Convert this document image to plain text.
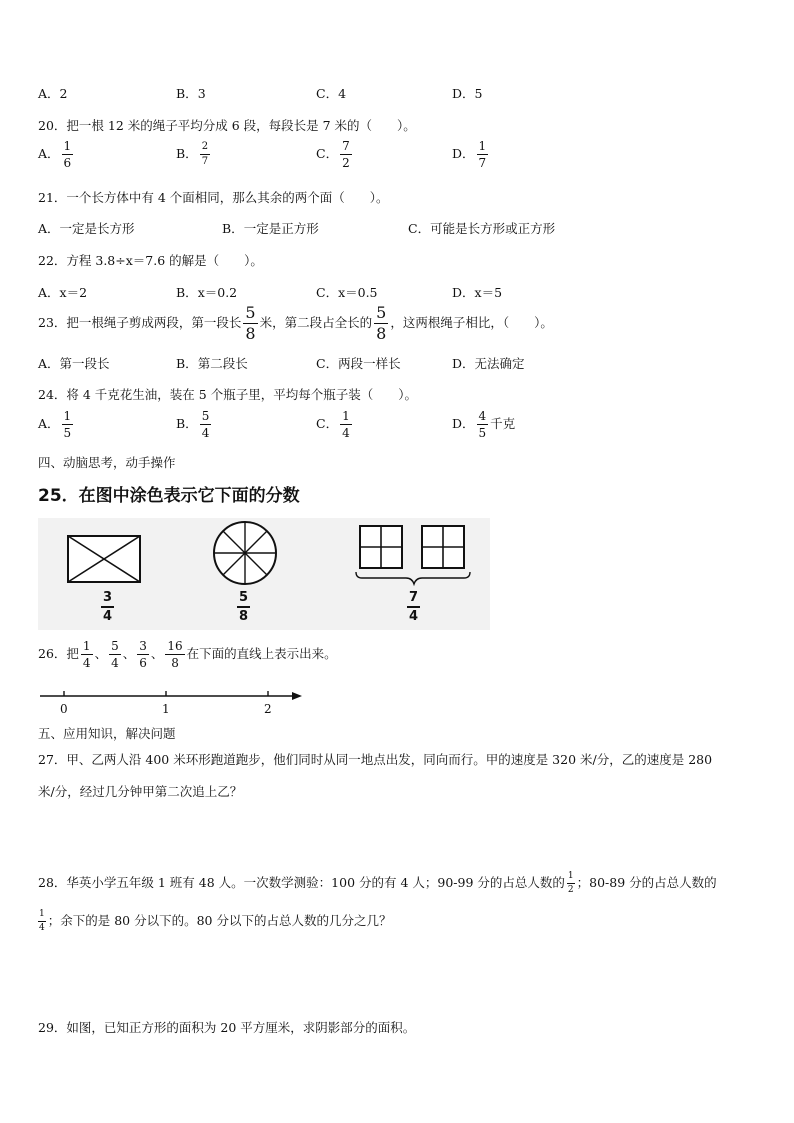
A．2	B．3	C．4	D．5
20．把一根 12 米的绳子平均分成 6 段，每段长是 7 米的（　　）。
A． $\frac{1}{6}$	B． $\frac{2}{7}$	C． $\frac{7}{2}$	D． $\frac{1}{7}$
21．一个长方体中有 4 个面相同，那么其余的两个面（　　）。
A．一定是长方形	B．一定是正方形	C．可能是长方形或正方形
22．方程 3.8÷x＝7.6 的解是（　　）。
A．x＝2	B．x＝0.2	C．x＝0.5	D．x＝5
23．把一根绳子剪成两段，第一段长 $\frac{5}{8}$ 米，第二段占全长的 $\frac{5}{8}$ ，这两根绳子相比，（　　）。
A．第一段长	B．第二段长	C．两段一样长	D．无法确定
24．将 4 千克花生油，装在 5 个瓶子里，平均每个瓶子装（　　）。
A． $\frac{1}{5}$	B． $\frac{5}{4}$	C． $\frac{1}{4}$	D． $\frac{4}{5}$ 千克
四、动脑思考，动手操作
25．在图中涂色表示它下面的分数
$\frac{3}{4}$	$\frac{5}{8}$	$\frac{7}{4}$
26．把 $\frac{1}{4}$ 、 $\frac{5}{4}$ 、 $\frac{3}{6}$ 、 $\frac{16}{8}$ 在下面的直线上表示出来。
0	1	2
五、应用知识，解决问题
27．甲、乙两人沿 400 米环形跑道跑步，他们同时从同一地点出发，同向而行。甲的速度是 320 米/分，乙的速度是 280
米/分，经过几分钟甲第二次追上乙？
28．华英小学五年级 1 班有 48 人。一次数学测验：100 分的有 4 人；90-99 分的占总人数的 $\frac{1}{2}$ ；80-89 分的占总人数的
$\frac{1}{4}$ ；余下的是 80 分以下的。80 分以下的占总人数的几分之几？
29．如图，已知正方形的面积为 20 平方厘米，求阴影部分的面积。
